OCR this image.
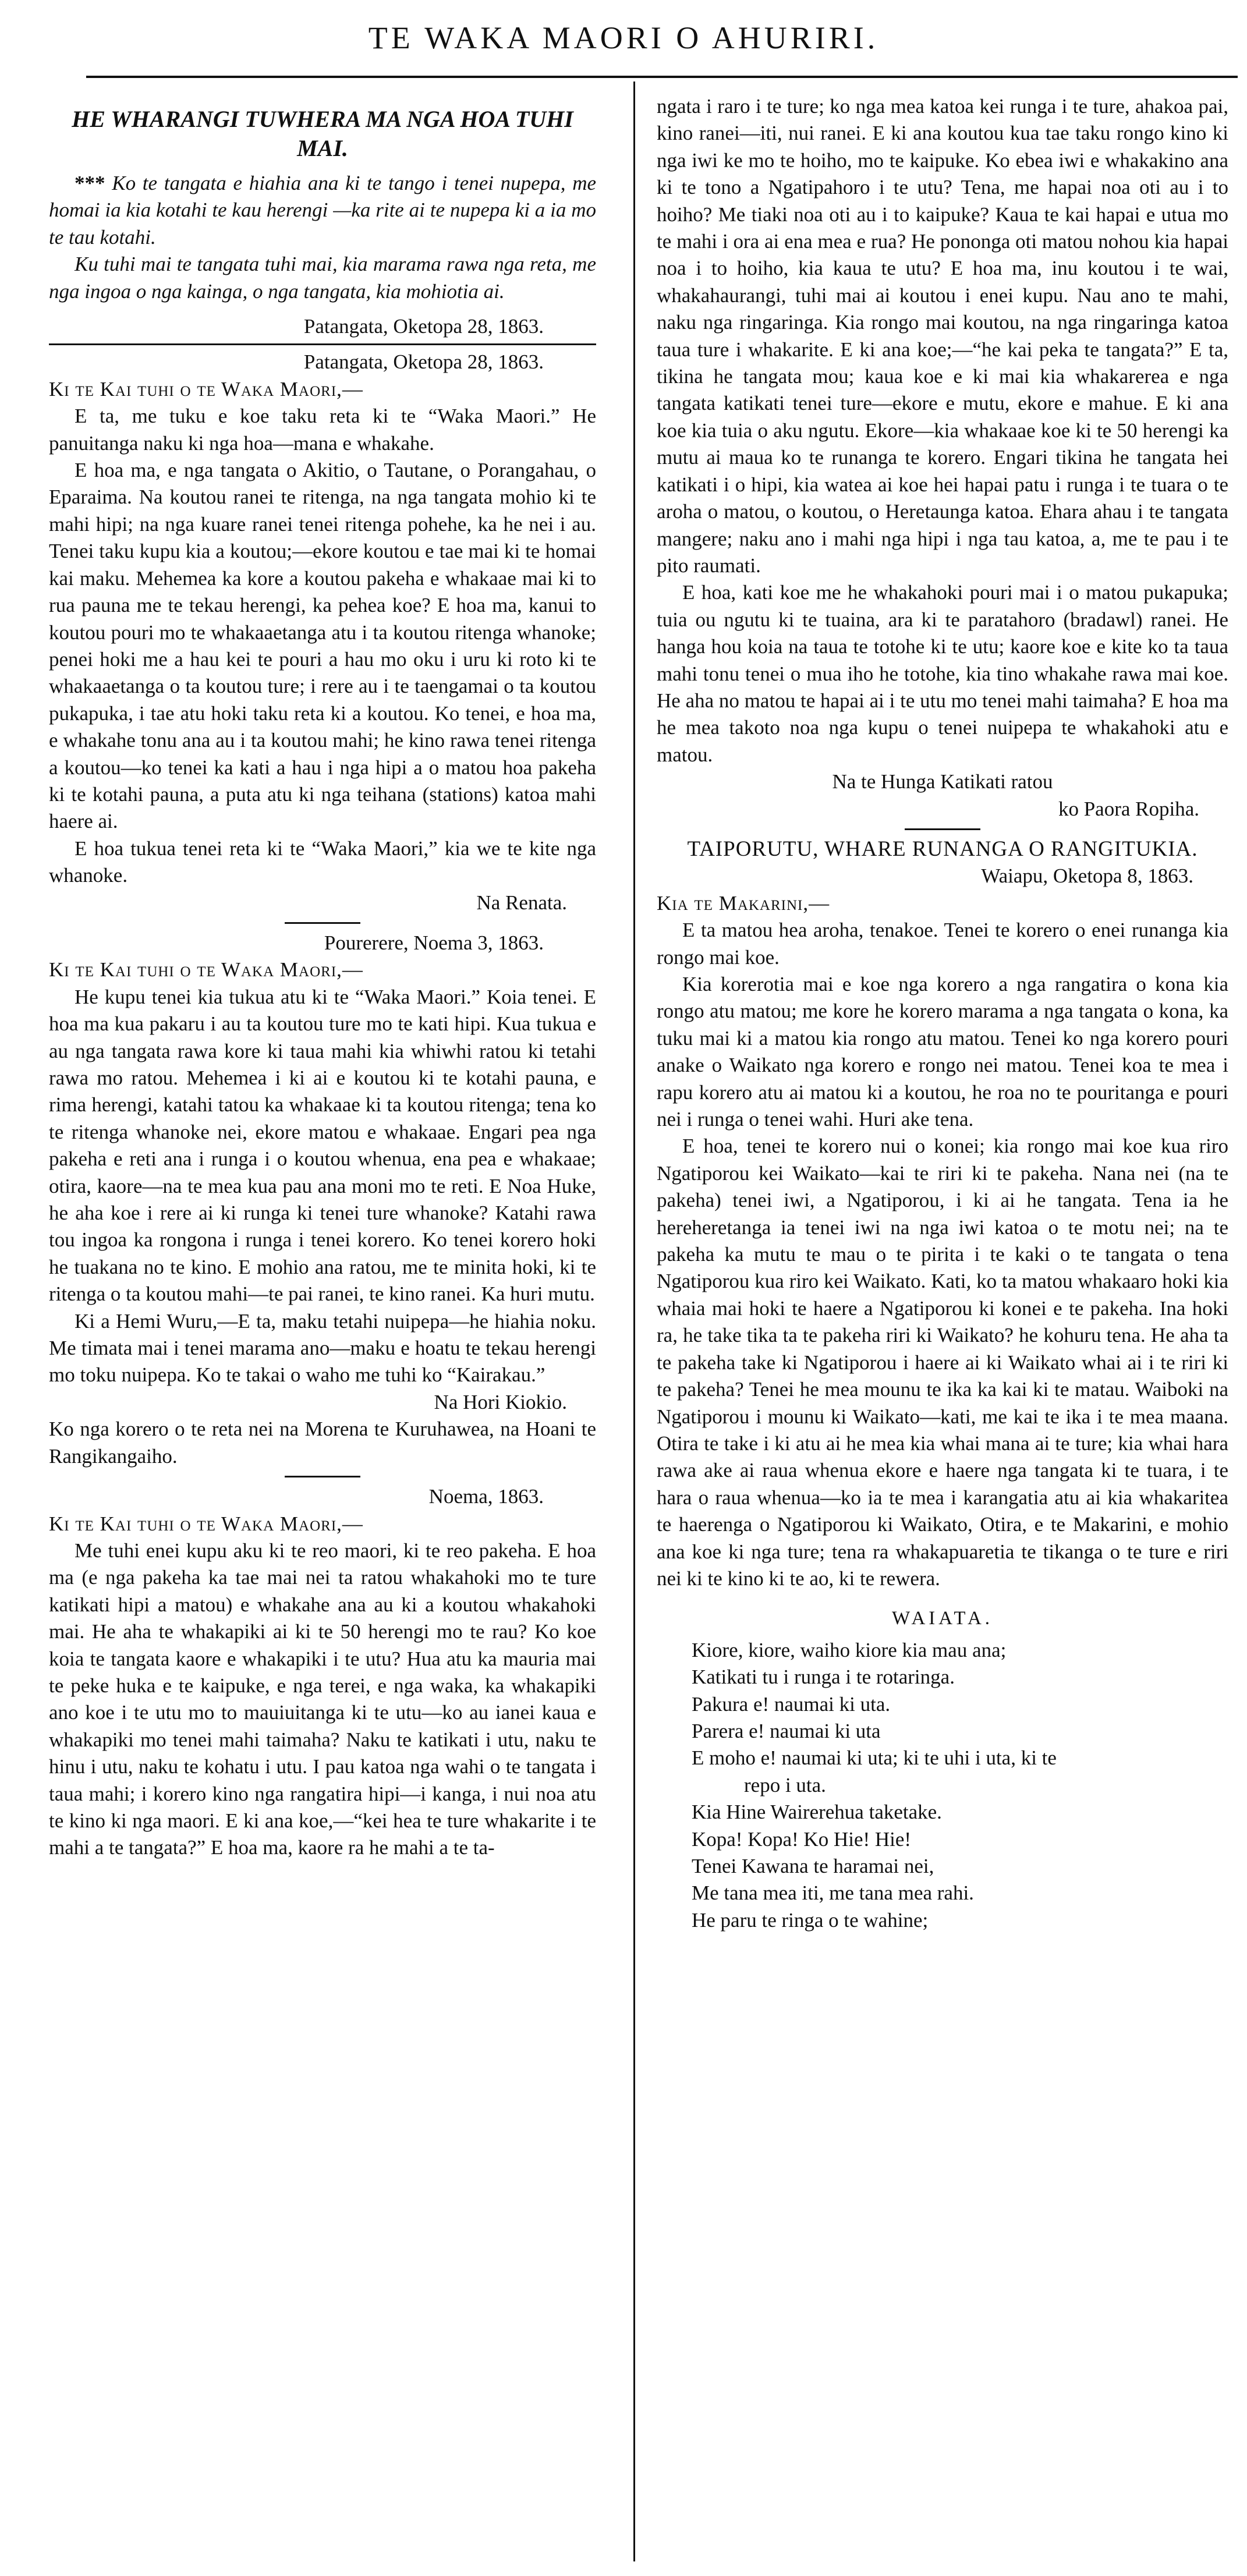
TE WAKA MAORI O AHURIRI.
HE WHARANGI TUWHERA MA NGA HOA TUHI MAI.

*** Ko te tangata e hiahia ana ki te tango i tenei nupepa, me homai ia kia kotahi te kau herengi —ka rite ai te nupepa ki a ia mo te tau kotahi.

Ku tuhi mai te tangata tuhi mai, kia marama rawa nga reta, me nga ingoa o nga kainga, o nga tangata, kia mohiotia ai.

Patangata, Oketopa 28, 1863.

Patangata, Oketopa 28, 1863.

Ki te Kai tuhi o te Waka Maori,—

E ta, me tuku e koe taku reta ki te “Waka Maori.” He panuitanga naku ki nga hoa—mana e whakahe.

E hoa ma, e nga tangata o Akitio, o Tautane, o Porangahau, o Eparaima. Na koutou ranei te ritenga, na nga tangata mohio ki te mahi hipi; na nga kuare ranei tenei ritenga pohehe, ka he nei i au. Tenei taku kupu kia a koutou;—ekore koutou e tae mai ki te homai kai maku. Mehemea ka kore a koutou pakeha e whakaae mai ki to rua pauna me te tekau herengi, ka pehea koe? E hoa ma, kanui to koutou pouri mo te whakaaetanga atu i ta koutou ritenga whanoke; penei hoki me a hau kei te pouri a hau mo oku i uru ki roto ki te whakaaetanga o ta koutou ture; i rere au i te taengamai o ta koutou pukapuka, i tae atu hoki taku reta ki a koutou. Ko tenei, e hoa ma, e whakahe tonu ana au i ta koutou mahi; he kino rawa tenei ritenga a koutou—ko tenei ka kati a hau i nga hipi a o matou hoa pakeha ki te kotahi pauna, a puta atu ki nga teihana (stations) katoa mahi haere ai.

E hoa tukua tenei reta ki te “Waka Maori,” kia we te kite nga whanoke.

Na Renata.

Pourerere, Noema 3, 1863.

Ki te Kai tuhi o te Waka Maori,—

He kupu tenei kia tukua atu ki te “Waka Maori.” Koia tenei. E hoa ma kua pakaru i au ta koutou ture mo te kati hipi. Kua tukua e au nga tangata rawa kore ki taua mahi kia whiwhi ratou ki tetahi rawa mo ratou. Mehemea i ki ai e koutou ki te kotahi pauna, e rima herengi, katahi tatou ka whakaae ki ta koutou ritenga; tena ko te ritenga whanoke nei, ekore matou e whakaae. Engari pea nga pakeha e reti ana i runga i o koutou whenua, ena pea e whakaae; otira, kaore—na te mea kua pau ana moni mo te reti. E Noa Huke, he aha koe i rere ai ki runga ki tenei ture whanoke? Katahi rawa tou ingoa ka rongona i runga i tenei korero. Ko tenei korero hoki he tuakana no te kino. E mohio ana ratou, me te minita hoki, ki te ritenga o ta koutou mahi—te pai ranei, te kino ranei. Ka huri mutu.

Ki a Hemi Wuru,—E ta, maku tetahi nuipepa—he hiahia noku. Me timata mai i tenei marama ano—maku e hoatu te tekau herengi mo toku nuipepa. Ko te takai o waho me tuhi ko “Kairakau.”

Na Hori Kiokio.

Ko nga korero o te reta nei na Morena te Kuruhawea, na Hoani te Rangikangaiho.

Noema, 1863.

Ki te Kai tuhi o te Waka Maori,—

Me tuhi enei kupu aku ki te reo maori, ki te reo pakeha. E hoa ma (e nga pakeha ka tae mai nei ta ratou whakahoki mo te ture katikati hipi a matou) e whakahe ana au ki a koutou whakahoki mai. He aha te whakapiki ai ki te 50 herengi mo te rau? Ko koe koia te tangata kaore e whakapiki i te utu? Hua atu ka mauria mai te peke huka e te kaipuke, e nga terei, e nga waka, ka whakapiki ano koe i te utu mo to mauiuitanga ki te utu—ko au ianei kaua e whakapiki mo tenei mahi taimaha? Naku te katikati i utu, naku te hinu i utu, naku te kohatu i utu. I pau katoa nga wahi o te tangata i taua mahi; i korero kino nga rangatira hipi—i kanga, i nui noa atu te kino ki nga maori. E ki ana koe,—“kei hea te ture whakarite i te mahi a te tangata?” E hoa ma, kaore ra he mahi a te ta-

ngata i raro i te ture; ko nga mea katoa kei runga i te ture, ahakoa pai, kino ranei—iti, nui ranei. E ki ana koutou kua tae taku rongo kino ki nga iwi ke mo te hoiho, mo te kaipuke. Ko ebea iwi e whakakino ana ki te tono a Ngatipahoro i te utu? Tena, me hapai noa oti au i to hoiho? Me tiaki noa oti au i to kaipuke? Kaua te kai hapai e utua mo te mahi i ora ai ena mea e rua? He pononga oti matou nohou kia hapai noa i to hoiho, kia kaua te utu? E hoa ma, inu koutou i te wai, whakahaurangi, tuhi mai ai koutou i enei kupu. Nau ano te mahi, naku nga ringaringa. Kia rongo mai koutou, na nga ringaringa katoa taua ture i whakarite. E ki ana koe;—“he kai peka te tangata?” E ta, tikina he tangata mou; kaua koe e ki mai kia whakarerea e nga tangata katikati tenei ture—ekore e mutu, ekore e mahue. E ki ana koe kia tuia o aku ngutu. Ekore—kia whakaae koe ki te 50 herengi ka mutu ai maua ko te runanga te korero. Engari tikina he tangata hei katikati i o hipi, kia watea ai koe hei hapai patu i runga i te tuara o te aroha o matou, o koutou, o Heretaunga katoa. Ehara ahau i te tangata mangere; naku ano i mahi nga hipi i nga tau katoa, a, me te pau i te pito raumati.

E hoa, kati koe me he whakahoki pouri mai i o matou pukapuka; tuia ou ngutu ki te tuaina, ara ki te paratahoro (bradawl) ranei. He hanga hou koia na taua te totohe ki te utu; kaore koe e kite ko ta taua mahi tonu tenei o mua iho he totohe, kia tino whakahe rawa mai koe. He aha no matou te hapai ai i te utu mo tenei mahi taimaha? E hoa ma he mea takoto noa nga kupu o tenei nuipepa te whakahoki atu e matou.

Na te Hunga Katikati ratou

ko Paora Ropiha.

TAIPORUTU, WHARE RUNANGA O RANGITUKIA.

Waiapu, Oketopa 8, 1863.

Kia te Makarini,—

E ta matou hea aroha, tenakoe. Tenei te korero o enei runanga kia rongo mai koe.

Kia korerotia mai e koe nga korero a nga rangatira o kona kia rongo atu matou; me kore he korero marama a nga tangata o kona, ka tuku mai ki a matou kia rongo atu matou. Tenei ko nga korero pouri anake o Waikato nga korero e rongo nei matou. Tenei koa te mea i rapu korero atu ai matou ki a koutou, he roa no te pouritanga e pouri nei i runga o tenei wahi. Huri ake tena.

E hoa, tenei te korero nui o konei; kia rongo mai koe kua riro Ngatiporou kei Waikato—kai te riri ki te pakeha. Nana nei (na te pakeha) tenei iwi, a Ngatiporou, i ki ai he tangata. Tena ia he hereheretanga ia tenei iwi na nga iwi katoa o te motu nei; na te pakeha ka mutu te mau o te pirita i te kaki o te tangata o tena Ngatiporou kua riro kei Waikato. Kati, ko ta matou whakaaro hoki kia whaia mai hoki te haere a Ngatiporou ki konei e te pakeha. Ina hoki ra, he take tika ta te pakeha riri ki Waikato? he kohuru tena. He aha ta te pakeha take ki Ngatiporou i haere ai ki Waikato whai ai i te riri ki te pakeha? Tenei he mea mounu te ika ka kai ki te matau. Waiboki na Ngatiporou i mounu ki Waikato—kati, me kai te ika i te mea maana. Otira te take i ki atu ai he mea kia whai mana ai te ture; kia whai hara rawa ake ai raua whenua ekore e haere nga tangata ki te tuara, i te hara o raua whenua—ko ia te mea i karangatia atu ai kia whakaritea te haerenga o Ngatiporou ki Waikato, Otira, e te Makarini, e mohio ana koe ki nga ture; tena ra whakapuaretia te tikanga o te ture e riri nei ki te kino ki te ao, ki te rewera.

WAIATA.

Kiore, kiore, waiho kiore kia mau ana;

Katikati tu i runga i te rotaringa.

Pakura e! naumai ki uta.

Parera e! naumai ki uta

E moho e! naumai ki uta; ki te uhi i uta, ki te

repo i uta.

Kia Hine Wairerehua taketake.

Kopa! Kopa! Ko Hie! Hie!

Tenei Kawana te haramai nei,

Me tana mea iti, me tana mea rahi.

He paru te ringa o te wahine;
